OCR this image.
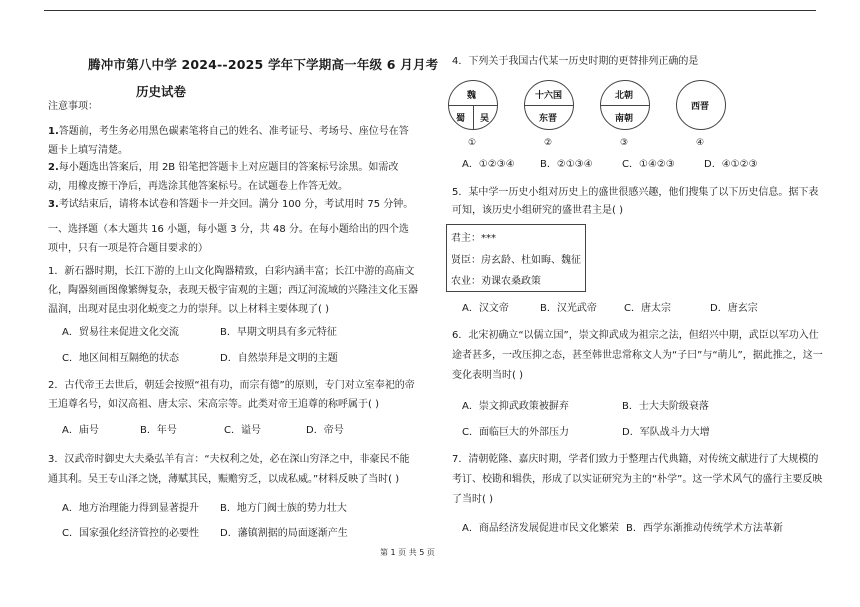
腾冲市第八中学 2024--2025 学年下学期高一年级 6 月月考
历史试卷
注意事项：
1.答题前，考生务必用黑色碳素笔将自己的姓名、准考证号、考场号、座位号在答题卡上填写清楚。
2.每小题选出答案后，用 2B 铅笔把答题卡上对应题目的答案标号涂黑。如需改动，用橡皮擦干净后，再选涂其他答案标号。在试题卷上作答无效。
3.考试结束后，请将本试卷和答题卡一并交回。满分 100 分，考试用时 75 分钟。
一、选择题（本大题共 16 小题，每小题 3 分，共 48 分。在每小题给出的四个选项中，只有一项是符合题目要求的）
1．新石器时期，长江下游的上山文化陶器精致，白彩内涵丰富；长江中游的高庙文化，陶器刻画图像繁缛复杂，表现天极宇宙观的主题；西辽河流域的兴隆洼文化玉器温润，出现对昆虫羽化蜕变之力的崇拜。以上材料主要体现了( )
A．贸易往来促进文化交流	B．早期文明具有多元特征
C．地区间相互隔绝的状态	D．自然崇拜是文明的主题
2．古代帝王去世后，朝廷会按照“祖有功，而宗有德”的原则，专门对立室奉祀的帝王追尊名号，如汉高祖、唐太宗、宋高宗等。此类对帝王追尊的称呼属于( )
A．庙号	B．年号	C．谥号	D．帝号
3．汉武帝时御史大夫桑弘羊有言：“夫权利之处，必在深山穷泽之中，非豪民不能通其利。吴王专山泽之饶，薄赋其民，赈赡穷乏，以成私威。”材料反映了当时( )
A．地方治理能力得到显著提升 B．地方门阀士族的势力壮大
C．国家强化经济管控的必要性 D．藩镇割据的局面逐渐产生
4．下列关于我国古代某一历史时期的更替排列正确的是
魏
蜀 吴
①
十六国
东晋
②
北朝
南朝
③
西晋
④
A．①②③④	B．②①③④	C．①④②③	D．④①②③
5．某中学一历史小组对历史上的盛世很感兴趣，他们搜集了以下历史信息。据下表可知，该历史小组研究的盛世君主是( )
君主：***
贤臣：房玄龄、杜如晦、魏征
农业：劝课农桑政策
A．汉文帝	B．汉光武帝	C．唐太宗	D．唐玄宗
6．北宋初确立“以儒立国”，崇文抑武成为祖宗之法，但绍兴中期，武臣以军功入仕途者甚多，一改压抑之态，甚至韩世忠常称文人为“子曰”与“萌儿”，据此推之，这一变化表明当时( )
A．崇文抑武政策被摒弃	B．士大夫阶级衰落
C．面临巨大的外部压力	D．军队战斗力大增
7．清朝乾隆、嘉庆时期，学者们致力于整理古代典籍，对传统文献进行了大规模的考订、校勘和辑佚，形成了以实证研究为主的“朴学”。这一学术风气的盛行主要反映了当时( )
A．商品经济发展促进市民文化繁荣 B．西学东渐推动传统学术方法革新
第 1 页 共 5 页
